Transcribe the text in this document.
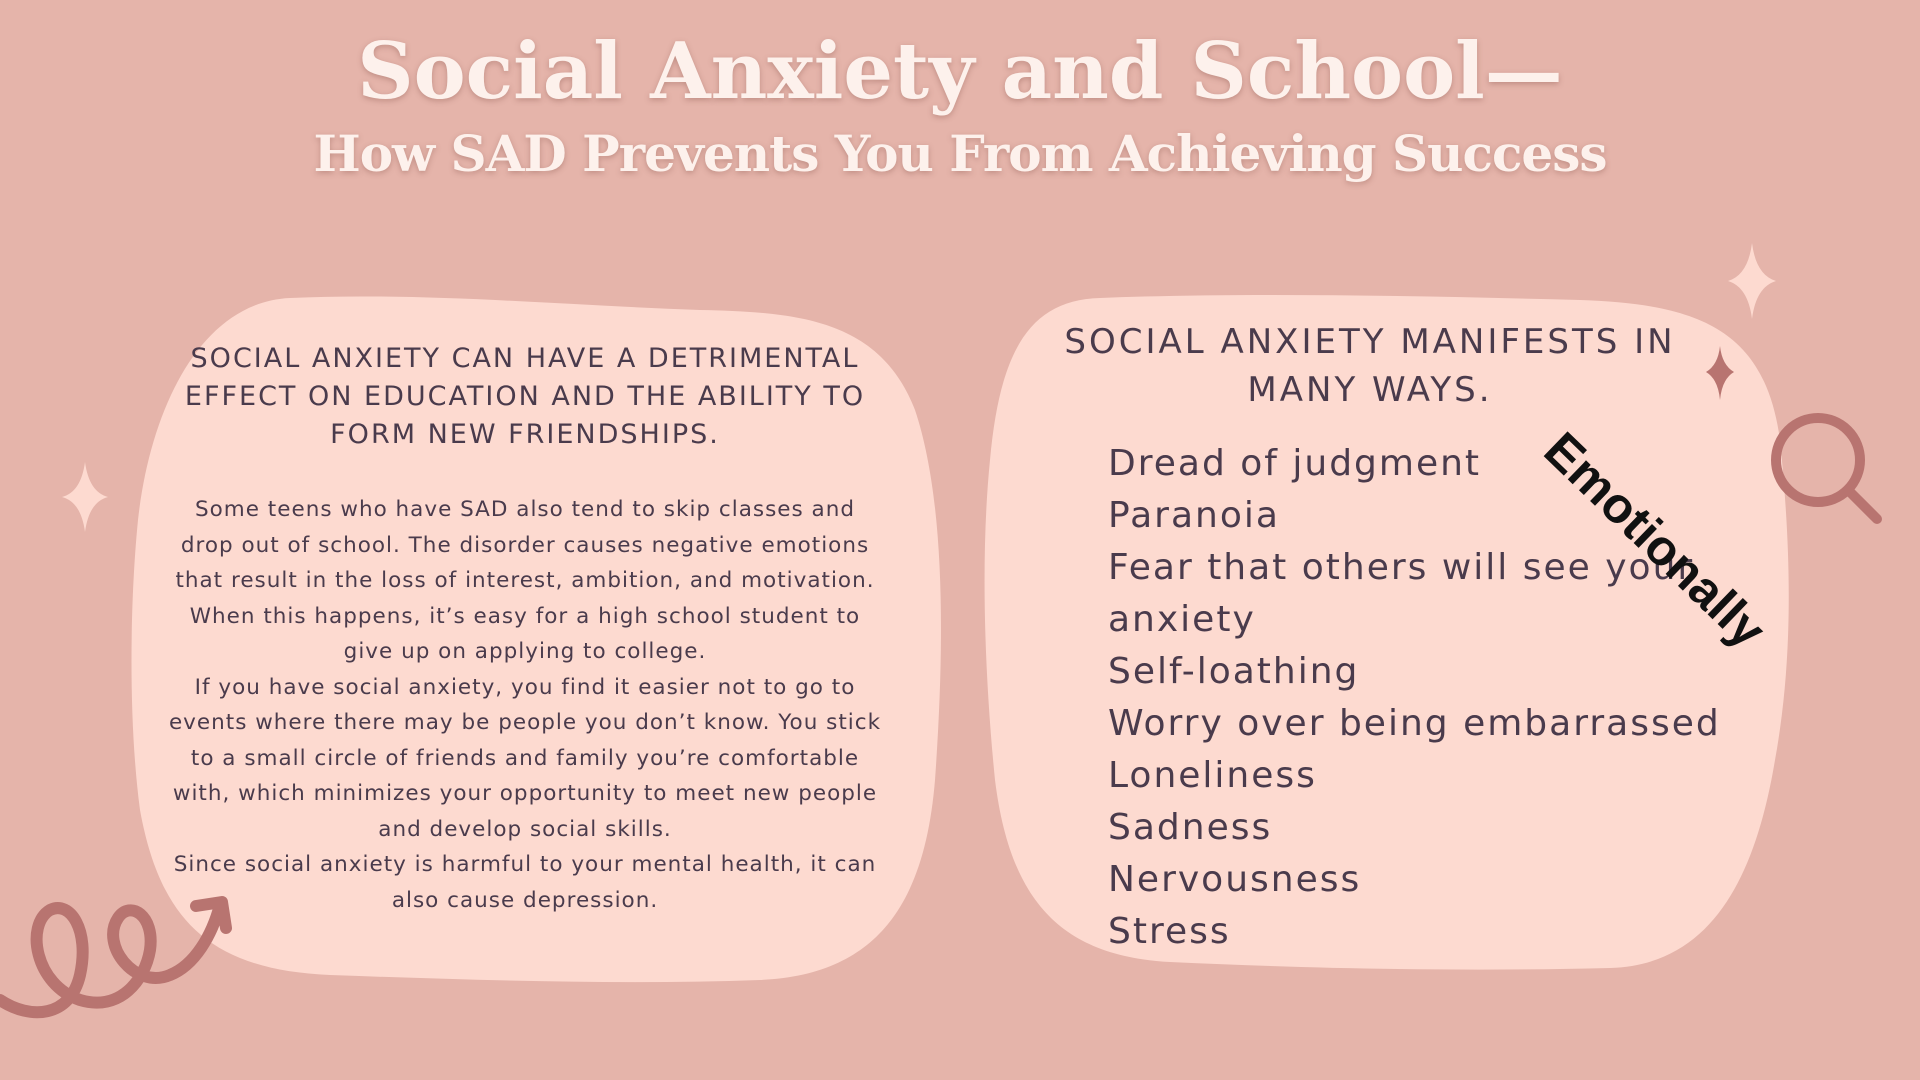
Social Anxiety and School—
How SAD Prevents You From Achieving Success
SOCIAL ANXIETY CAN HAVE A DETRIMENTAL EFFECT ON EDUCATION AND THE ABILITY TO FORM NEW FRIENDSHIPS.

Some teens who have SAD also tend to skip classes and drop out of school. The disorder causes negative emotions that result in the loss of interest, ambition, and motivation. When this happens, it’s easy for a high school student to give up on applying to college.

If you have social anxiety, you find it easier not to go to events where there may be people you don’t know. You stick to a small circle of friends and family you’re comfortable with, which minimizes your opportunity to meet new people and develop social skills.

Since social anxiety is harmful to your mental health, it can also cause depression.

SOCIAL ANXIETY MANIFESTS IN MANY WAYS.
Dread of judgment
Paranoia
Fear that others will see your anxiety
Self-loathing
Worry over being embarrassed
Loneliness
Sadness
Nervousness
Stress
Emotionally
